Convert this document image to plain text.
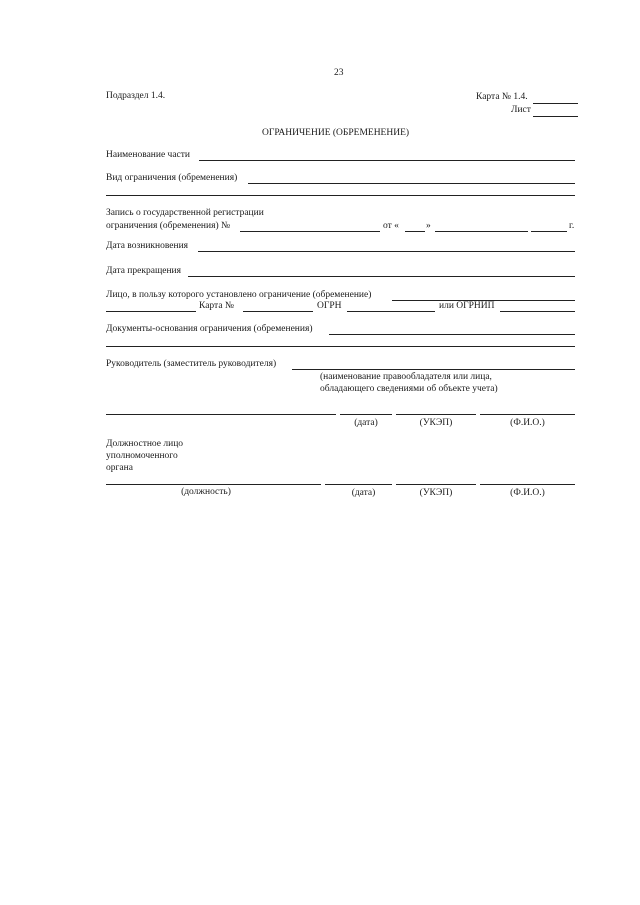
23
Подраздел 1.4.	Карта № 1.4.
Лист
ОГРАНИЧЕНИЕ (ОБРЕМЕНЕНИЕ)
Наименование части
Вид ограничения (обременения)
Запись о государственной регистрации
ограничения (обременения) №	от «	»	г.
Дата возникновения
Дата прекращения
Лицо, в пользу которого установлено ограничение (обременение)
Карта №	ОГРН	или ОГРНИП
Документы-основания ограничения (обременения)
Руководитель (заместитель руководителя)
(наименование правообладателя или лица,
обладающего сведениями об объекте учета)
(дата)	(УКЭП)	(Ф.И.О.)
Должностное лицо
уполномоченного
органа
(должность)	(дата)	(УКЭП)	(Ф.И.О.)
